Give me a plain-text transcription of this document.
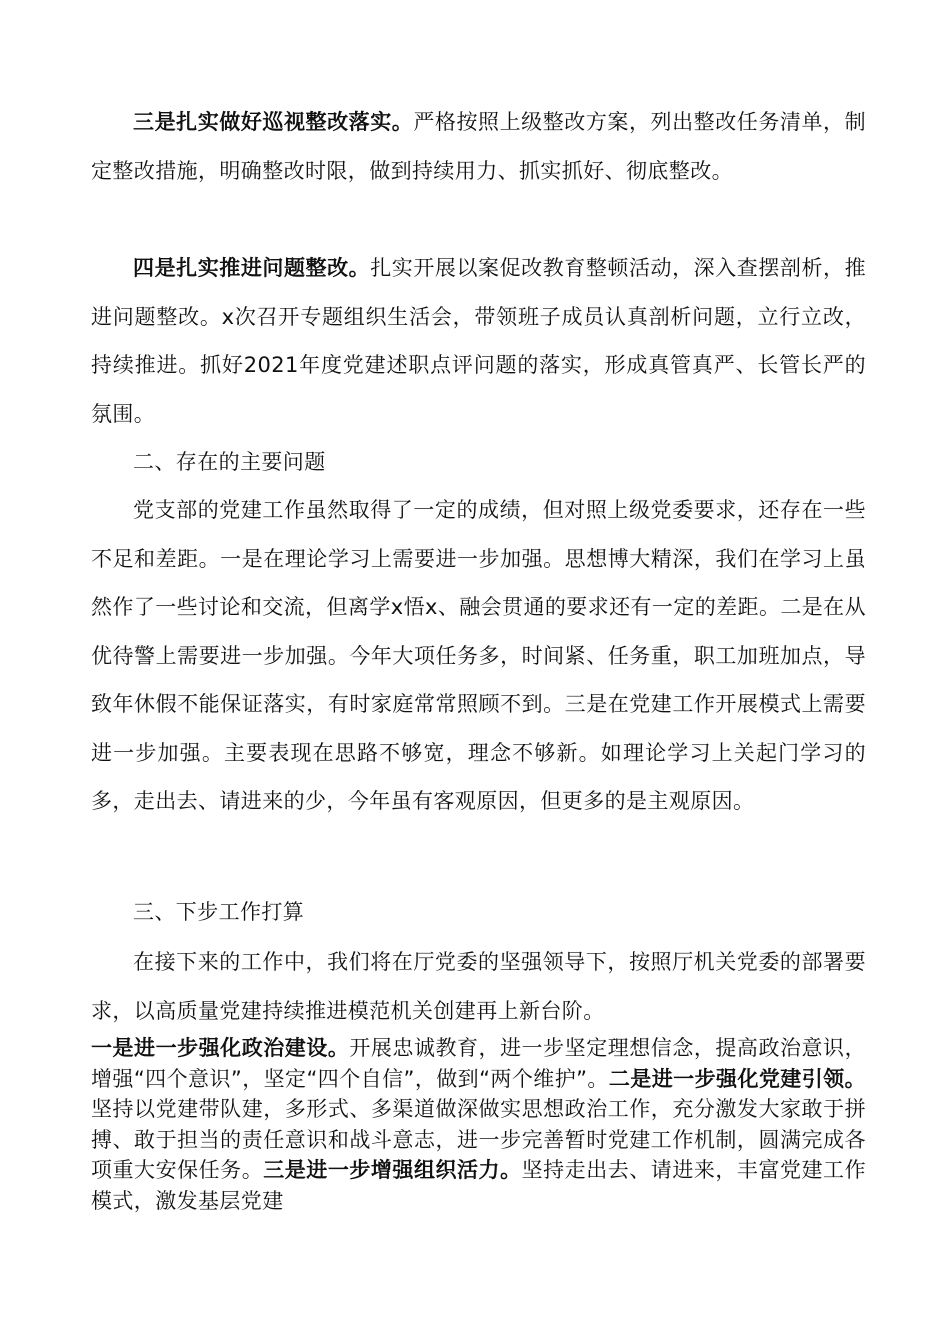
三是扎实做好巡视整改落实。严格按照上级整改方案，列出整改任务清单，制定整改措施，明确整改时限，做到持续用力、抓实抓好、彻底整改。

四是扎实推进问题整改。扎实开展以案促改教育整顿活动，深入查摆剖析，推进问题整改。x次召开专题组织生活会，带领班子成员认真剖析问题，立行立改，持续推进。抓好2021年度党建述职点评问题的落实，形成真管真严、长管长严的氛围。

二、存在的主要问题

党支部的党建工作虽然取得了一定的成绩，但对照上级党委要求，还存在一些不足和差距。一是在理论学习上需要进一步加强。思想博大精深，我们在学习上虽然作了一些讨论和交流，但离学x悟x、融会贯通的要求还有一定的差距。二是在从优待警上需要进一步加强。今年大项任务多，时间紧、任务重，职工加班加点，导致年休假不能保证落实，有时家庭常常照顾不到。三是在党建工作开展模式上需要进一步加强。主要表现在思路不够宽，理念不够新。如理论学习上关起门学习的多，走出去、请进来的少，今年虽有客观原因，但更多的是主观原因。

三、下步工作打算

在接下来的工作中，我们将在厅党委的坚强领导下，按照厅机关党委的部署要求，以高质量党建持续推进模范机关创建再上新台阶。

一是进一步强化政治建设。开展忠诚教育，进一步坚定理想信念，提高政治意识，增强“四个意识”，坚定“四个自信”，做到“两个维护”。二是进一步强化党建引领。坚持以党建带队建，多形式、多渠道做深做实思想政治工作，充分激发大家敢于拼搏、敢于担当的责任意识和战斗意志，进一步完善暂时党建工作机制，圆满完成各项重大安保任务。三是进一步增强组织活力。坚持走出去、请进来，丰富党建工作模式，激发基层党建
